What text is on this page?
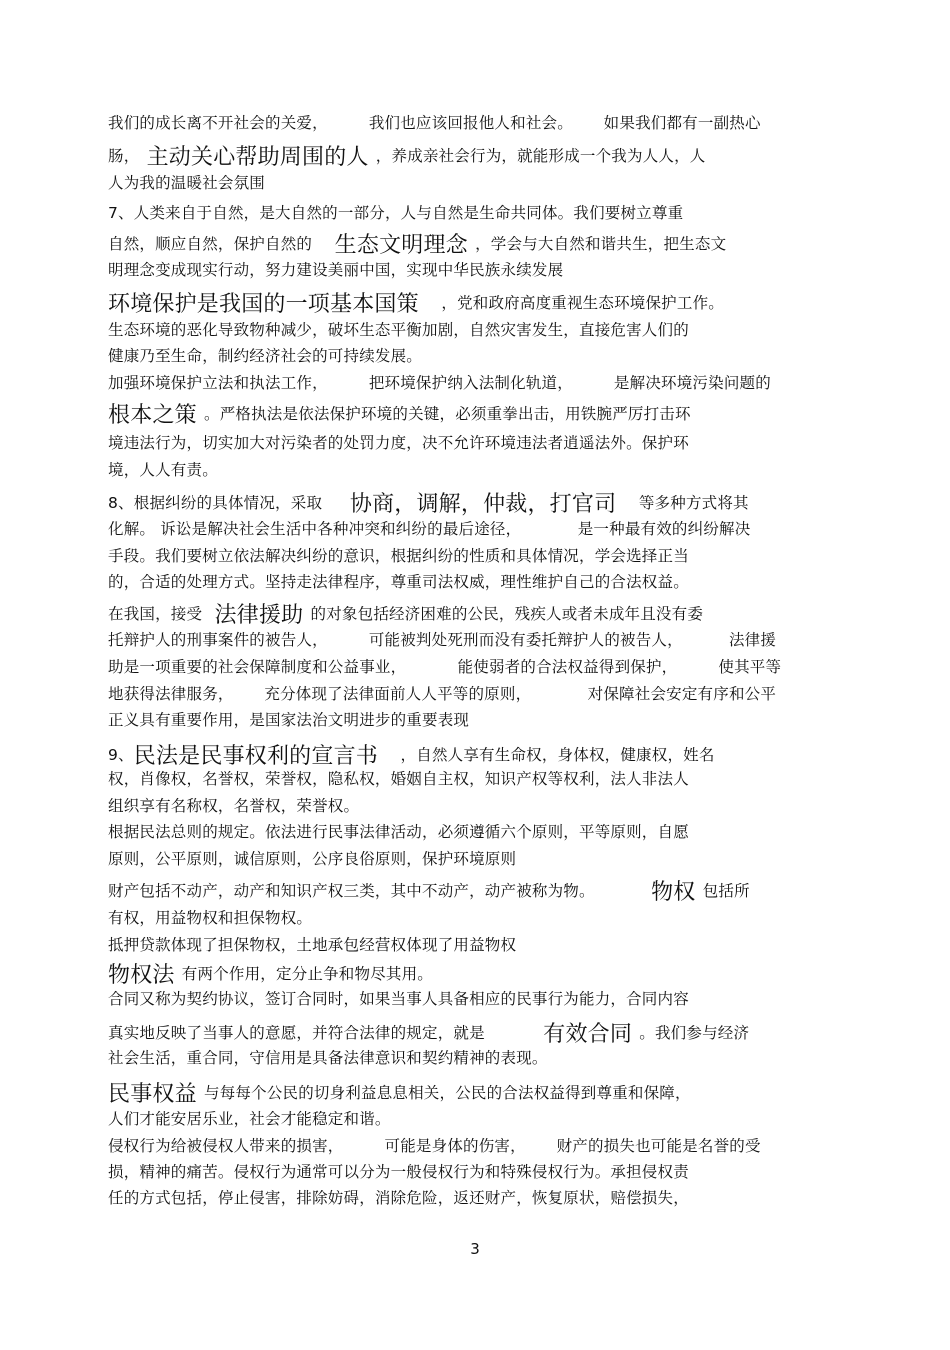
我们的成长离不开社会的关爱，        我们也应该回报他人和社会。      如果我们都有一副热心
肠， 主动关心帮助周围的人 ，养成亲社会行为，就能形成一个我为人人，人
人为我的温暖社会氛围
7、人类来自于自然，是大自然的一部分，人与自然是生命共同体。我们要树立尊重
自然，顺应自然，保护自然的    生态文明理念 ，学会与大自然和谐共生，把生态文
明理念变成现实行动，努力建设美丽中国，实现中华民族永续发展
环境保护是我国的一项基本国策    ，党和政府高度重视生态环境保护工作。
生态环境的恶化导致物种减少，破坏生态平衡加剧，自然灾害发生，直接危害人们的
健康乃至生命，制约经济社会的可持续发展。
加强环境保护立法和执法工作，        把环境保护纳入法制化轨道，        是解决环境污染问题的
根本之策 。严格执法是依法保护环境的关键，必须重拳出击，用铁腕严厉打击环
境违法行为，切实加大对污染者的处罚力度，决不允许环境违法者逍遥法外。保护环
境，人人有责。
8、根据纠纷的具体情况，采取     协商，调解，仲裁，打官司    等多种方式将其
化解。 诉讼是解决社会生活中各种冲突和纠纷的最后途径，           是一种最有效的纠纷解决
手段。我们要树立依法解决纠纷的意识，根据纠纷的性质和具体情况，学会选择正当
的，合适的处理方式。坚持走法律程序，尊重司法权威，理性维护自己的合法权益。
在我国，接受  法律援助 的对象包括经济困难的公民，残疾人或者未成年且没有委
托辩护人的刑事案件的被告人，        可能被判处死刑而没有委托辩护人的被告人，         法律援
助是一项重要的社会保障制度和公益事业，          能使弱者的合法权益得到保护，        使其平等
地获得法律服务，      充分体现了法律面前人人平等的原则，           对保障社会安定有序和公平
正义具有重要作用，是国家法治文明进步的重要表现
9、民法是民事权利的宣言书    ，自然人享有生命权，身体权，健康权，姓名
权，肖像权，名誉权，荣誉权，隐私权，婚姻自主权，知识产权等权利，法人非法人
组织享有名称权，名誉权，荣誉权。
根据民法总则的规定。依法进行民事法律活动，必须遵循六个原则，平等原则，自愿
原则，公平原则，诚信原则，公序良俗原则，保护环境原则
财产包括不动产，动产和知识产权三类，其中不动产，动产被称为物。           物权 包括所
有权，用益物权和担保物权。
抵押贷款体现了担保物权，土地承包经营权体现了用益物权
物权法 有两个作用，定分止争和物尽其用。
合同又称为契约协议，签订合同时，如果当事人具备相应的民事行为能力，合同内容
真实地反映了当事人的意愿，并符合法律的规定，就是           有效合同 。我们参与经济
社会生活，重合同，守信用是具备法律意识和契约精神的表现。
民事权益 与每每个公民的切身利益息息相关，公民的合法权益得到尊重和保障，
人们才能安居乐业，社会才能稳定和谐。
侵权行为给被侵权人带来的损害，        可能是身体的伤害，      财产的损失也可能是名誉的受
损，精神的痛苦。侵权行为通常可以分为一般侵权行为和特殊侵权行为。承担侵权责
任的方式包括，停止侵害，排除妨碍，消除危险，返还财产，恢复原状，赔偿损失，
3
